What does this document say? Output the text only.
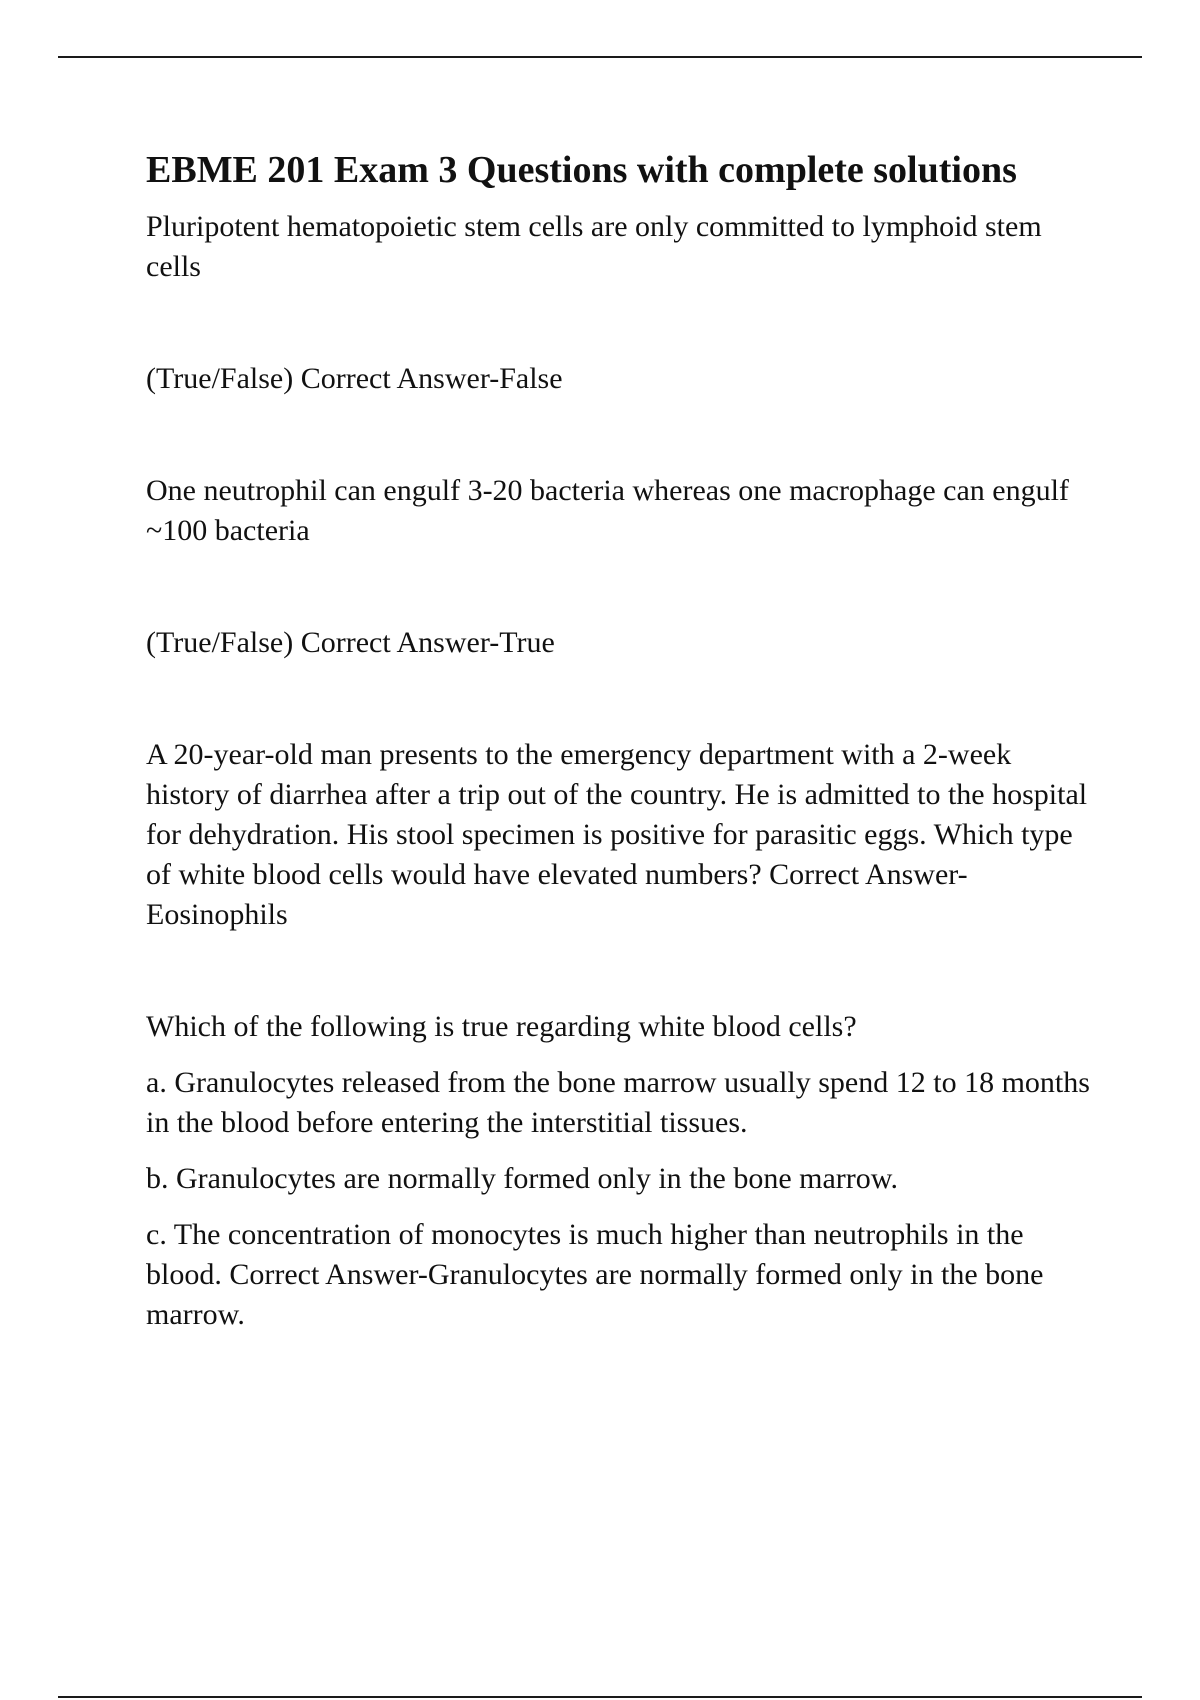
EBME 201 Exam 3 Questions with complete solutions

Pluripotent hematopoietic stem cells are only committed to lymphoid stem cells

(True/False) Correct Answer-False

One neutrophil can engulf 3-20 bacteria whereas one macrophage can engulf ~100 bacteria

(True/False) Correct Answer-True

A 20-year-old man presents to the emergency department with a 2-week history of diarrhea after a trip out of the country. He is admitted to the hospital for dehydration. His stool specimen is positive for parasitic eggs. Which type of white blood cells would have elevated numbers? Correct Answer-Eosinophils

Which of the following is true regarding white blood cells?

a. Granulocytes released from the bone marrow usually spend 12 to 18 months in the blood before entering the interstitial tissues.

b. Granulocytes are normally formed only in the bone marrow.

c. The concentration of monocytes is much higher than neutrophils in the blood. Correct Answer-Granulocytes are normally formed only in the bone marrow.
